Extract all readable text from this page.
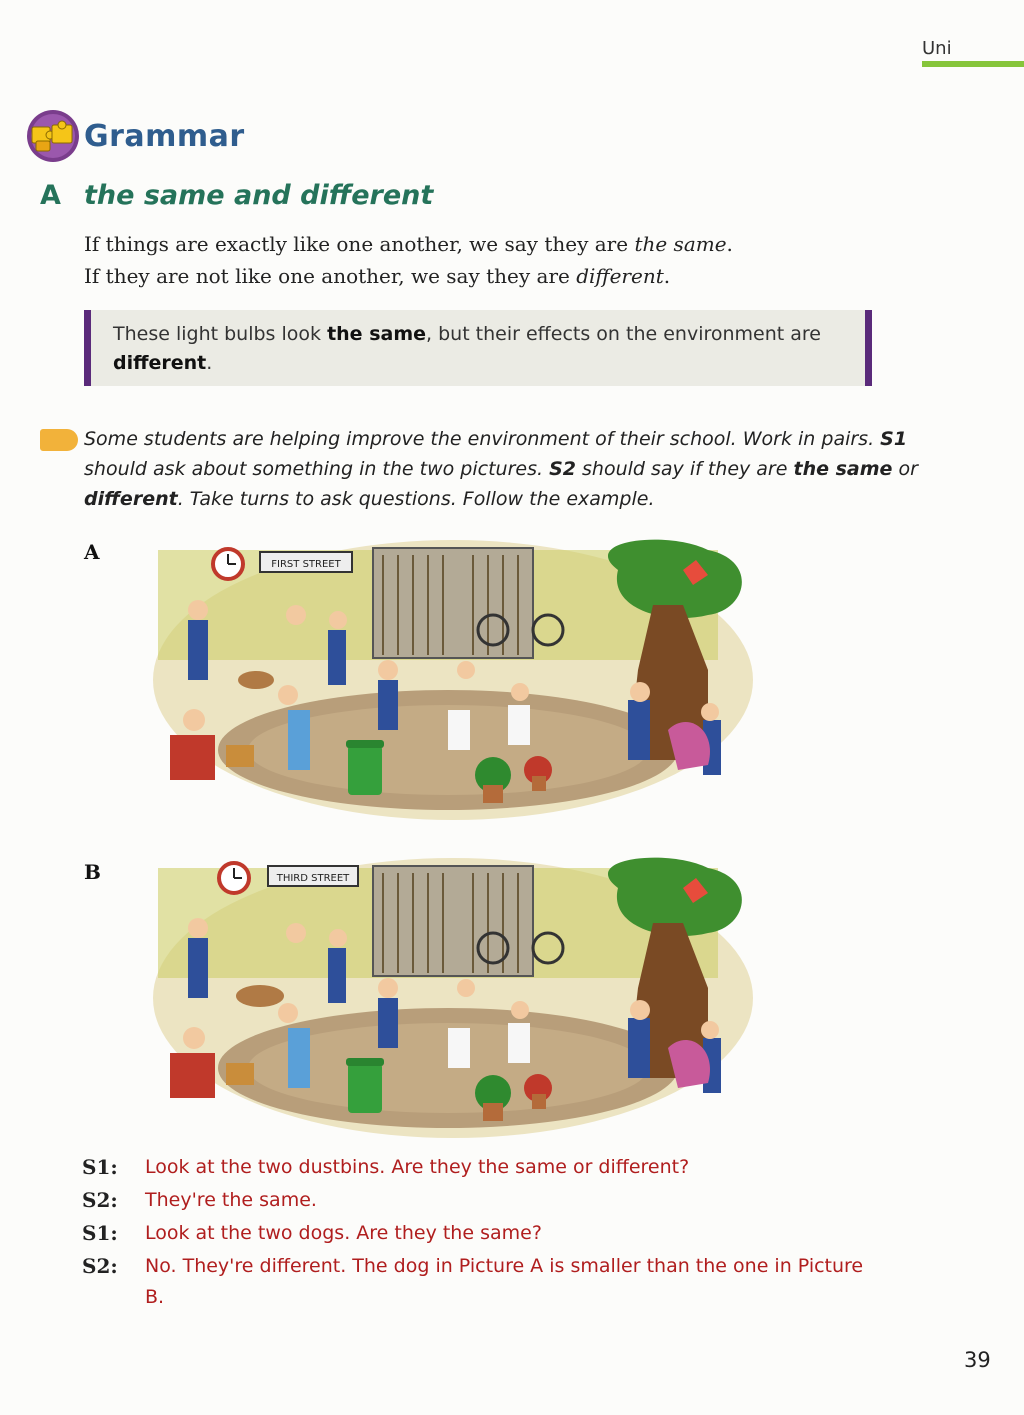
Uni
Grammar
A the same and different

If things are exactly like one another, we say they are the same.

If they are not like one another, we say they are different.

These light bulbs look the same, but their effects on the environment are different.
Some students are helping improve the environment of their school. Work in pairs. S1 should ask about something in the two pictures. S2 should say if they are the same or different. Take turns to ask questions. Follow the example.
A
FIRST STREET
B	THIRD STREET
S1:	Look at the two dustbins. Are they the same or different?
S2:	They're the same.
S1:	Look at the two dogs. Are they the same?
S2:	No. They're different. The dog in Picture A is smaller than the one in Picture B.
39
